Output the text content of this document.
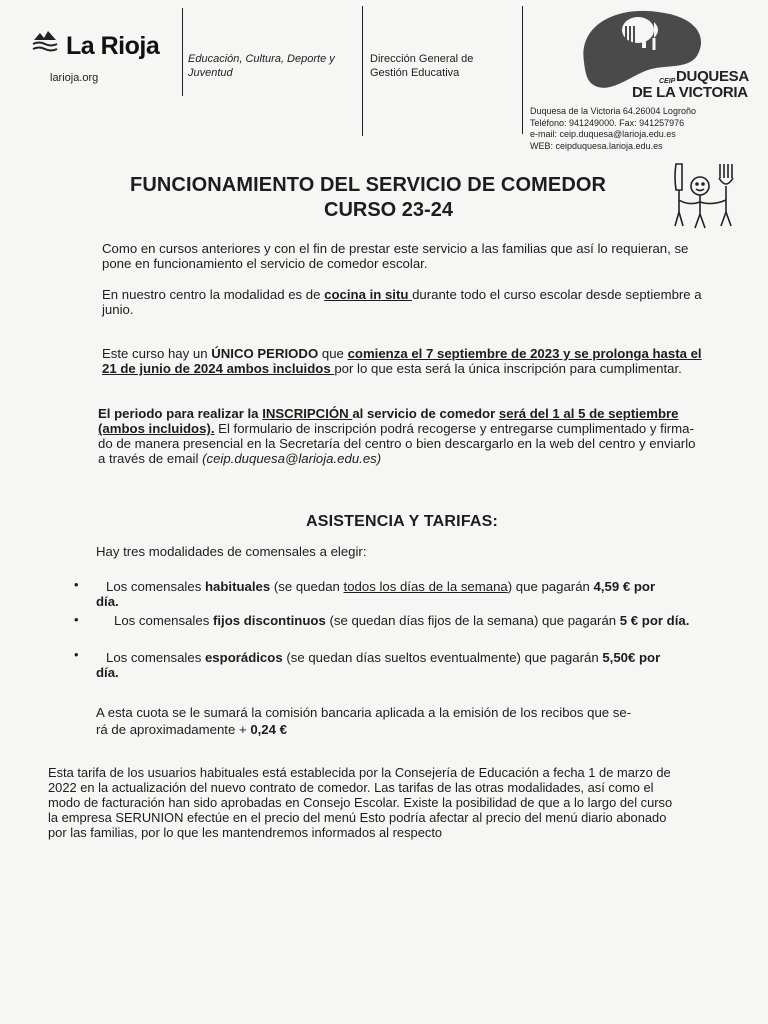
La Rioja
larioja.org
Educación, Cultura, Deporte y Juventud
Dirección General de Gestión Educativa
CEIP DUQUESA
DE LA VICTORIA
Duquesa de la Victoria 64.26004 Logroño
Teléfono: 941249000. Fax: 941257976
e-mail: ceip.duquesa@larioja.edu.es
WEB: ceipduquesa.larioja.edu.es
FUNCIONAMIENTO DEL SERVICIO DE COMEDOR
CURSO 23-24
Como en cursos anteriores y con el fin de prestar este servicio a las familias que así lo requieran, se
pone en funcionamiento el servicio de comedor escolar.
En nuestro centro la modalidad es de cocina in situ durante todo el curso escolar desde septiembre a
junio.
Este curso hay un ÚNICO PERIODO que comienza el 7 septiembre de 2023 y se prolonga hasta el
21 de junio de 2024 ambos incluidos por lo que esta será la única inscripción para cumplimentar.
El periodo para realizar la INSCRIPCIÓN al servicio de comedor será del 1 al 5 de septiembre
(ambos incluidos). El formulario de inscripción podrá recogerse y entregarse cumplimentado y firma-
do de manera presencial en la Secretaría del centro o bien descargarlo en la web del centro y enviarlo
a través de email (ceip.duquesa@larioja.edu.es)
ASISTENCIA Y TARIFAS:
Hay tres modalidades de comensales a elegir:
• Los comensales habituales (se quedan todos los días de la semana) que pagarán 4,59 € por
día.
•	Los comensales fijos discontinuos (se quedan días fijos de la semana) que pagarán 5 € por día.
• Los comensales esporádicos (se quedan días sueltos eventualmente) que pagarán 5,50€ por
día.
A esta cuota se le sumará la comisión bancaria aplicada a la emisión de los recibos que se-
rá de aproximadamente + 0,24 €
Esta tarifa de los usuarios habituales está establecida por la Consejería de Educación a fecha 1 de marzo de
2022 en la actualización del nuevo contrato de comedor. Las tarifas de las otras modalidades, así como el
modo de facturación han sido aprobadas en Consejo Escolar. Existe la posibilidad de que a lo largo del curso
la empresa SERUNION efectúe en el precio del menú Esto podría afectar al precio del menú diario abonado
por las familias, por lo que les mantendremos informados al respecto
